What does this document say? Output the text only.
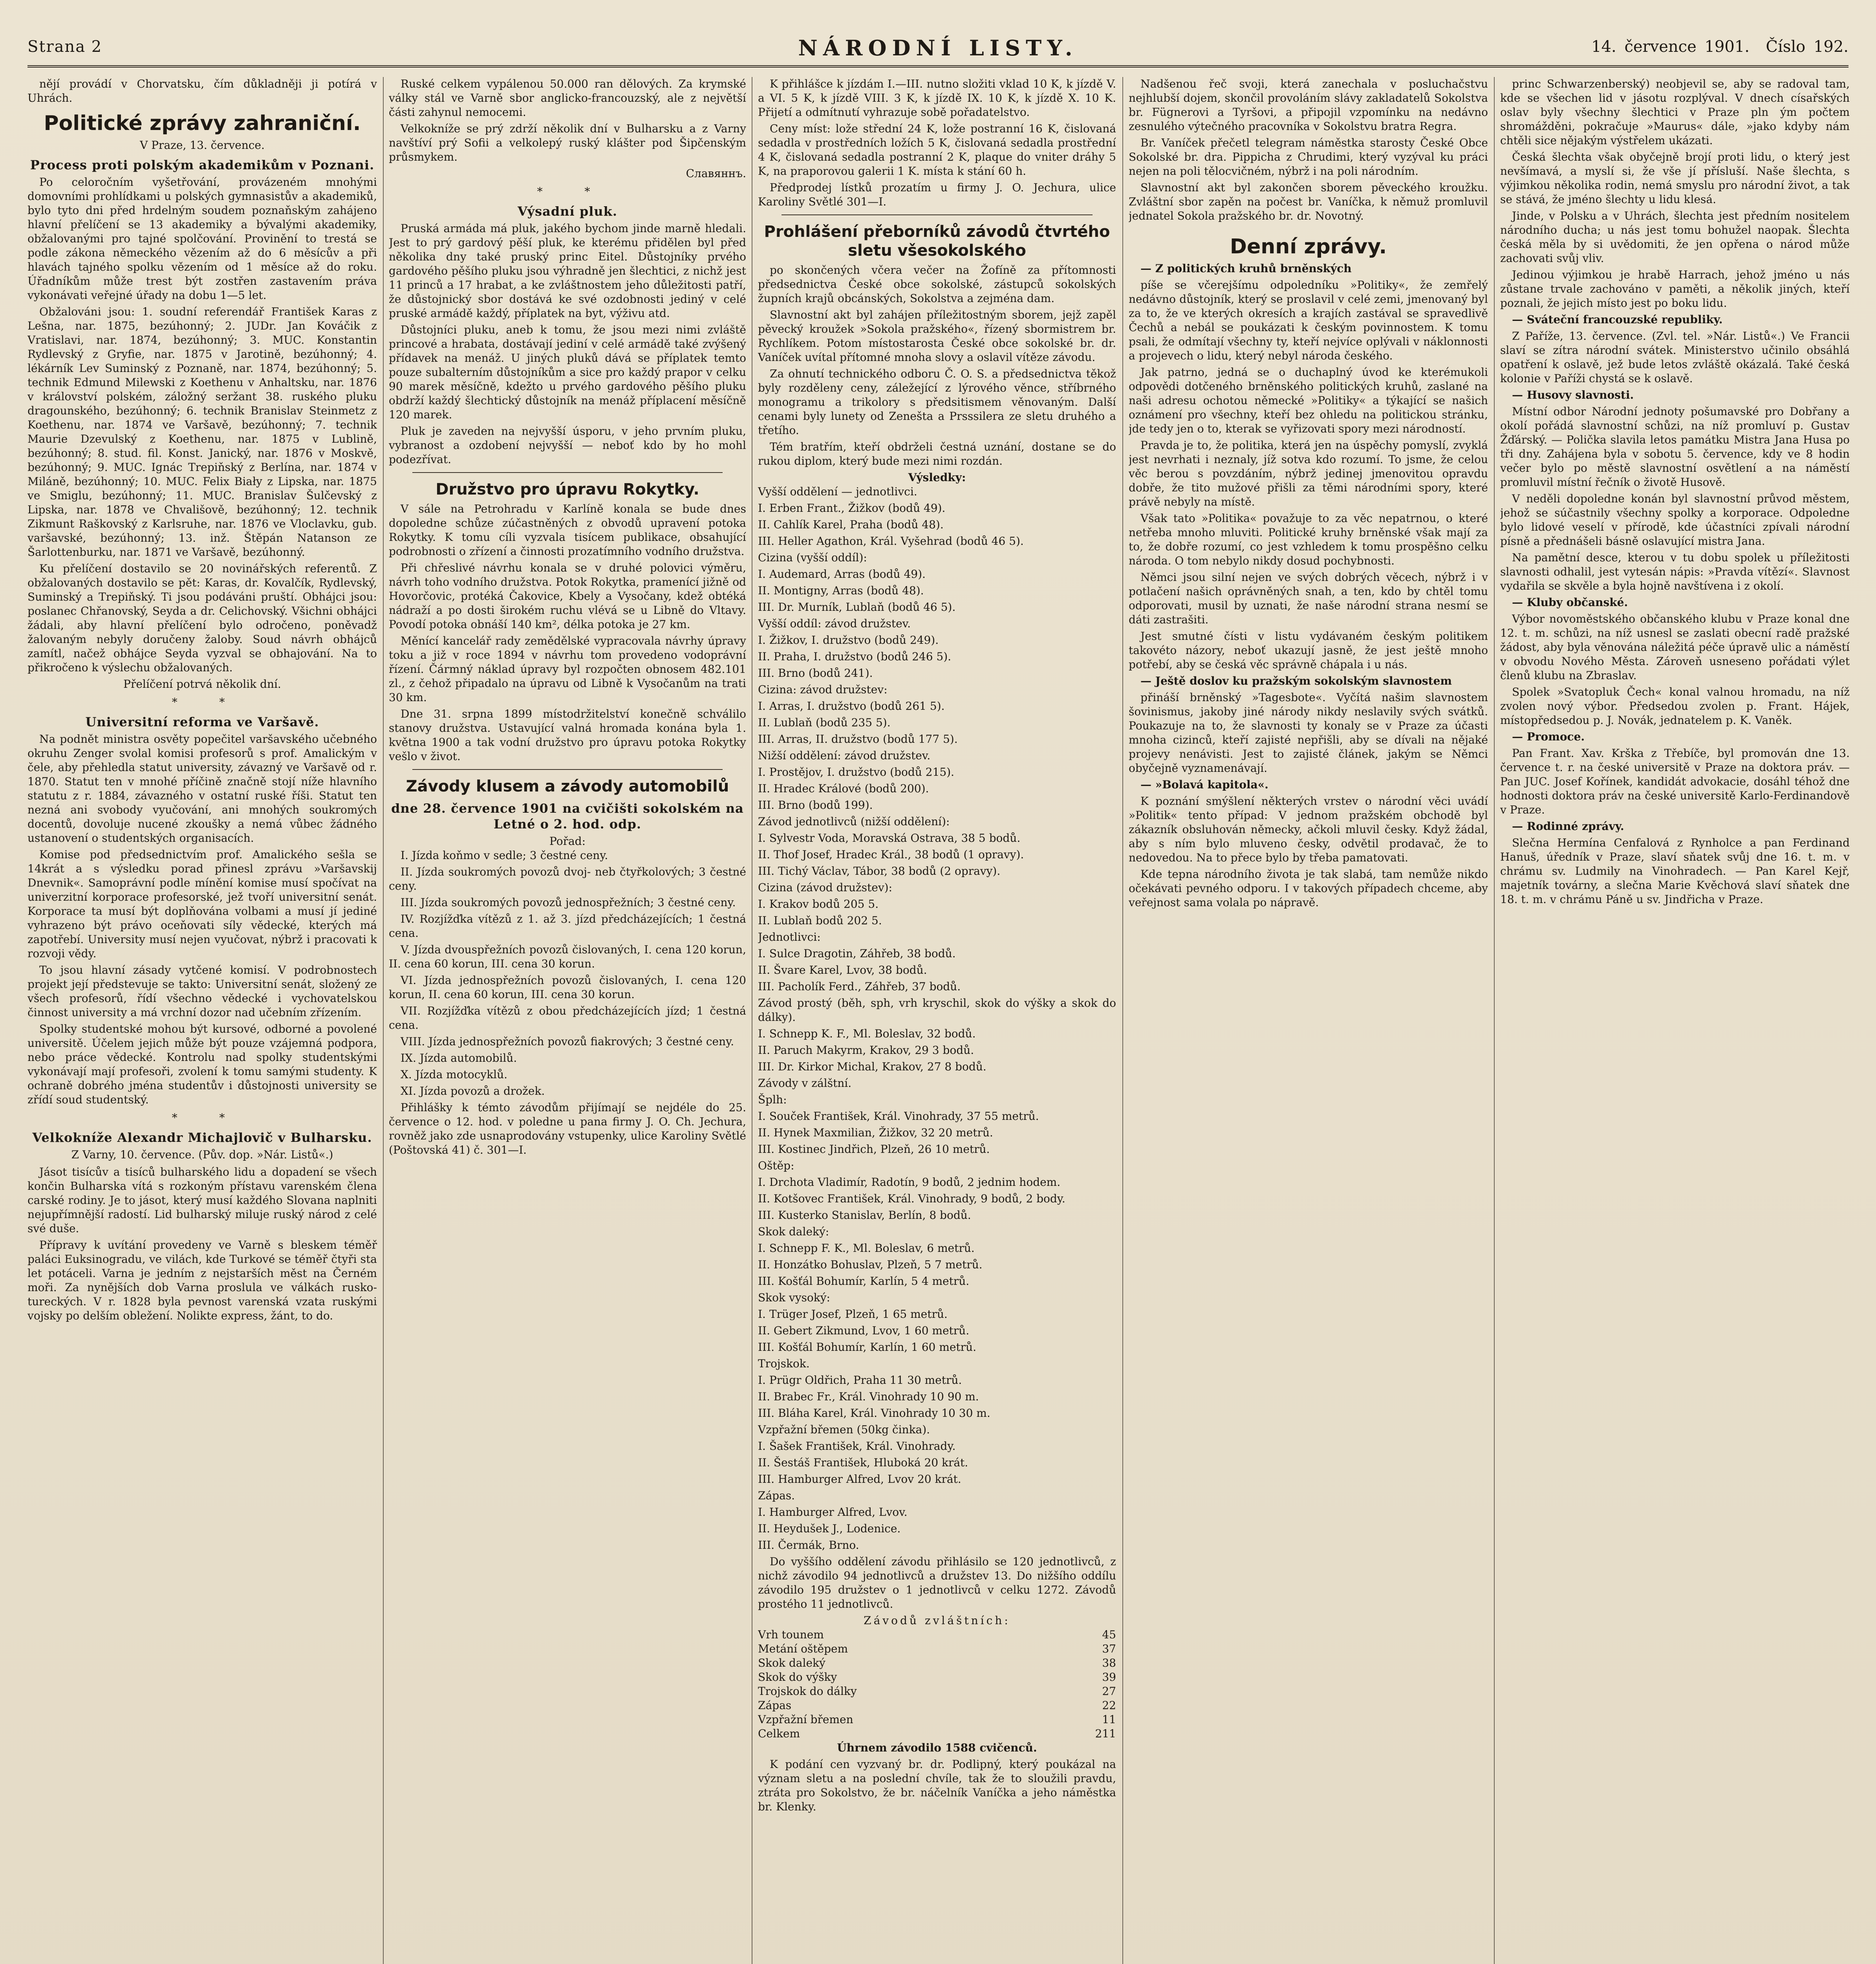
Strana 2	NÁRODNÍ LISTY.	14. července 1901. Číslo 192.

nějí provádí v Chorvatsku, čím důkladněji ji potírá v Uhrách.

Politické zprávy zahraniční.
V Praze, 13. července.
Process proti polským akademikům v Poznani.

Po celoročním vyšetřování, provázeném mnohými domovními prohlídkami u polských gymnasistův a akademiků, bylo tyto dni před hrdelným soudem poznaňským zahájeno hlavní přelíčení se 13 akademiky a bývalými akademiky, obžalovanými pro tajné spolčování. Provinění to trestá se podle zákona německého vězením až do 6 měsícův a při hlavách tajného spolku vězením od 1 měsíce až do roku. Úřadníkům může trest být zostřen zastavením práva vykonávati veřejné úřady na dobu 1—5 let.

Obžalováni jsou: 1. soudní referendář František Karas z Lešna, nar. 1875, bezúhonný; 2. JUDr. Jan Kováčik z Vratislavi, nar. 1874, bezúhonný; 3. MUC. Konstantin Rydlevský z Gryfie, nar. 1875 v Jarotině, bezúhonný; 4. lékárník Lev Suminský z Poznaně, nar. 1874, bezúhonný; 5. technik Edmund Milewski z Koethenu v Anhaltsku, nar. 1876 v království polském, záložný seržant 38. ruského pluku dragounského, bezúhonný; 6. technik Branislav Steinmetz z Koethenu, nar. 1874 ve Varšavě, bezúhonný; 7. technik Maurie Dzevulský z Koethenu, nar. 1875 v Lublině, bezúhonný; 8. stud. fil. Konst. Janický, nar. 1876 v Moskvě, bezúhonný; 9. MUC. Ignác Trepiňský z Berlína, nar. 1874 v Miláně, bezúhonný; 10. MUC. Felix Biały z Lipska, nar. 1875 ve Smiglu, bezúhonný; 11. MUC. Branislav Šulčevský z Lipska, nar. 1878 ve Chvališově, bezúhonný; 12. technik Zikmunt Raškovský z Karlsruhe, nar. 1876 ve Vloclavku, gub. varšavské, bezúhonný; 13. inž. Štěpán Natanson ze Šarlottenburku, nar. 1871 ve Varšavě, bezúhonný.

Ku přelíčení dostavilo se 20 novinářských referentů. Z obžalovaných dostavilo se pět: Karas, dr. Kovalčík, Rydlevský, Suminský a Trepiňský. Ti jsou podáváni pruští. Obhájci jsou: poslanec Chřanovský, Seyda a dr. Celichovský. Všichni obhájci žádali, aby hlavní přelíčení bylo odročeno, poněvadž žalovaným nebyly doručeny žaloby. Soud návrh obhájců zamítl, načež obhájce Seyda vyzval se obhajování. Na to přikročeno k výslechu obžalovaných.

Přelíčení potrvá několik dní.

*   *
Universitní reforma ve Varšavě.

Na podnět ministra osvěty popečitel varšavského učebného okruhu Zenger svolal komisi profesorů s prof. Amalickým v čele, aby přehledla statut university, závazný ve Varšavě od r. 1870. Statut ten v mnohé příčině značně stojí níže hlavního statutu z r. 1884, závazného v ostatní ruské říši. Statut ten nezná ani svobody vyučování, ani mnohých soukromých docentů, dovoluje nucené zkoušky a nemá vůbec žádného ustanovení o studentských organisacích.

Komise pod předsednictvím prof. Amalického sešla se 14krát a s výsledku porad přinesl zprávu »Varšavskij Dnevnik«. Samoprávní podle mínění komise musí spočívat na univerzitní korporace profesorské, jež tvoří universitní senát. Korporace ta musí být doplňována volbami a musí jí jediné vyhrazeno být právo oceňovati síly vědecké, kterých má zapotřebí. University musí nejen vyučovat, nýbrž i pracovati k rozvoji vědy.

To jsou hlavní zásady vytčené komisí. V podrobnostech projekt její předstevuje se takto: Universitní senát, složený ze všech profesorů, řídí všechno vědecké i vychovatelskou činnost university a má vrchní dozor nad učebním zřízením.

Spolky studentské mohou být kursové, odborné a povolené universitě. Účelem jejich může být pouze vzájemná podpora, nebo práce vědecké. Kontrolu nad spolky studentskými vykonávají mají profesoři, zvolení k tomu samými studenty. K ochraně dobrého jména studentův i důstojnosti university se zřídí soud studentský.

*   *
Velkokníže Alexandr Michajlovič v Bulharsku.
Z Varny, 10. července. (Pův. dop. »Nár. Listů«.)

Jásot tisícův a tisíců bulharského lidu a dopadení se všech končin Bulharska vítá s rozkoným přístavu varenském člena carské rodiny. Je to jásot, který musí každého Slovana naplniti nejupřímnější radostí. Lid bulharský miluje ruský národ z celé své duše.

Přípravy k uvítání provedeny ve Varně s bleskem téměř paláci Euksinogradu, ve vilách, kde Turkové se téměř čtyři sta let potáceli. Varna je jedním z nejstarších měst na Černém moři. Za nynějších dob Varna proslula ve válkách rusko-tureckých. V r. 1828 byla pevnost varenská vzata ruskými vojsky po delším obležení. Nolikte express, žánt, to do.

Ruské celkem vypálenou 50.000 ran dělových. Za krymské války stál ve Varně sbor anglicko-francouzský, ale z největší části zahynul nemocemi.

Velkokníže se prý zdrží několik dní v Bulharsku a z Varny navštíví prý Sofii a velkolepý ruský klášter pod Šipčenským průsmykem.

Славяннъ.

*   *
Výsadní pluk.

Pruská armáda má pluk, jakého bychom jinde marně hledali. Jest to prý gardový pěší pluk, ke kterému přidělen byl před několika dny také pruský princ Eitel. Důstojníky prvého gardového pěšího pluku jsou výhradně jen šlechtici, z nichž jest 11 princů a 17 hrabat, a ke zvláštnostem jeho důležitosti patří, že důstojnický sbor dostává ke své ozdobnosti jediný v celé pruské armádě každý, příplatek na byt, výživu atd.

Důstojníci pluku, aneb k tomu, že jsou mezi nimi zvláště princové a hrabata, dostávají jediní v celé armádě také zvýšený přídavek na menáž. U jiných pluků dává se příplatek temto pouze subalterním důstojníkům a sice pro každý prapor v celku 90 marek měsíčně, kdežto u prvého gardového pěšího pluku obdrží každý šlechtický důstojník na menáž příplacení měsíčně 120 marek.

Pluk je zaveden na nejvyšší úsporu, v jeho prvním pluku, vybranost a ozdobení nejvyšší — neboť kdo by ho mohl podezřívat.

Družstvo pro úpravu Rokytky.

V sále na Petrohradu v Karlíně konala se bude dnes dopoledne schůze zúčastněných z obvodů upravení potoka Rokytky. K tomu cíli vyzvala tisícem publikace, obsahující podrobnosti o zřízení a činnosti prozatímního vodního družstva.

Při chřeslivé návrhu konala se v druhé polovici výměru, návrh toho vodního družstva. Potok Rokytka, pramenící jižně od Hovorčovic, protéká Čakovice, Kbely a Vysočany, kdež obtéká nádraží a po dosti širokém ruchu vlévá se u Libně do Vltavy. Povodí potoka obnáší 140 km², délka potoka je 27 km.

Měnící kancelář rady zemědělské vypracovala návrhy úpravy toku a již v roce 1894 v návrhu tom provedeno vodoprávní řízení. Čármný náklad úpravy byl rozpočten obnosem 482.101 zl., z čehož připadalo na úpravu od Libně k Vysočanům na trati 30 km.

Dne 31. srpna 1899 místodržitelství konečně schválilo stanovy družstva. Ustavující valná hromada konána byla 1. května 1900 a tak vodní družstvo pro úpravu potoka Rokytky vešlo v život.

Závody klusem a závody automobilů
dne 28. července 1901 na cvičišti sokolském na Letné o 2. hod. odp.
Pořad:

I. Jízda koňmo v sedle; 3 čestné ceny.

II. Jízda soukromých povozů dvoj- neb čtyřkolových; 3 čestné ceny.

III. Jízda soukromých povozů jednospřežních; 3 čestné ceny.

IV. Rozjížďka vítězů z 1. až 3. jízd předcházejících; 1 čestná cena.

V. Jízda dvouspřežních povozů čislovaných, I. cena 120 korun, II. cena 60 korun, III. cena 30 korun.

VI. Jízda jednospřežních povozů čislovaných, I. cena 120 korun, II. cena 60 korun, III. cena 30 korun.

VII. Rozjížďka vítězů z obou předcházejících jízd; 1 čestná cena.

VIII. Jízda jednospřežních povozů fiakrových; 3 čestné ceny.

IX. Jízda automobilů.

X. Jízda motocyklů.

XI. Jízda povozů a drožek.

Přihlášky k témto závodům přijímají se nejdéle do 25. července o 12. hod. v poledne u pana firmy J. O. Ch. Jechura, rovněž jako zde usnaprodovány vstupenky, ulice Karoliny Světlé (Poštovská 41) č. 301—I.

K přihlášce k jízdám I.—III. nutno složiti vklad 10 K, k jízdě V. a VI. 5 K, k jízdě VIII. 3 K, k jízdě IX. 10 K, k jízdě X. 10 K. Přijetí a odmítnutí vyhrazuje sobě pořadatelstvo.

Ceny míst: lože střední 24 K, lože postranní 16 K, čislovaná sedadla v prostředních ložích 5 K, čislovaná sedadla prostřední 4 K, čislovaná sedadla postranní 2 K, plaque do vniter dráhy 5 K, na praporovou galerii 1 K. místa k stání 60 h.

Předprodej lístků prozatím u firmy J. O. Jechura, ulice Karoliny Světlé 301—I.

Prohlášení přeborníků závodů čtvrtého sletu všesokolského

po skončených včera večer na Žofíně za přítomnosti předsednictva České obce sokolské, zástupců sokolských župních krajů obcánských, Sokolstva a zejména dam.

Slavnostní akt byl zahájen příležitostným sborem, jejž zapěl pěvecký kroužek »Sokola pražského«, řízený sbormistrem br. Rychlíkem. Potom místostarosta České obce sokolské br. dr. Vaníček uvítal přítomné mnoha slovy a oslavil vítěze závodu.

Za ohnutí technického odboru Č. O. S. a předsednictva těkož byly rozděleny ceny, záležející z lýrového věnce, stříbrného monogramu a trikolory s předsitismem věnovaným. Další cenami byly lunety od Zenešta a Prsssilera ze sletu druhého a třetího.

Tém bratřím, kteří obdrželi čestná uznání, dostane se do rukou diplom, který bude mezi nimi rozdán.

Výsledky:

Vyšší oddělení — jednotlivci.

I. Erben Frant., Žižkov (bodů 49).

II. Cahlík Karel, Praha (bodů 48).

III. Heller Agathon, Král. Vyšehrad (bodů 46 5).

Cizina (vyšší oddíl):

I. Audemard, Arras (bodů 49).

II. Montigny, Arras (bodů 48).

III. Dr. Murník, Lublaň (bodů 46 5).

Vyšší oddíl: závod družstev.

I. Žižkov, I. družstvo (bodů 249).

II. Praha, I. družstvo (bodů 246 5).

III. Brno (bodů 241).

Cizina: závod družstev:

I. Arras, I. družstvo (bodů 261 5).

II. Lublaň (bodů 235 5).

III. Arras, II. družstvo (bodů 177 5).

Nižší oddělení: závod družstev.

I. Prostějov, I. družstvo (bodů 215).

II. Hradec Králové (bodů 200).

III. Brno (bodů 199).

Závod jednotlivců (nižší oddělení):

I. Sylvestr Voda, Moravská Ostrava, 38 5 bodů.

II. Thof Josef, Hradec Král., 38 bodů (1 opravy).

III. Tichý Václav, Tábor, 38 bodů (2 opravy).

Cizina (závod družstev):

I. Krakov bodů 205 5.

II. Lublaň bodů 202 5.

Jednotlivci:

I. Sulce Dragotin, Záhřeb, 38 bodů.

II. Švare Karel, Lvov, 38 bodů.

III. Pacholík Ferd., Záhřeb, 37 bodů.

Závod prostý (běh, sph, vrh kryschil, skok do výšky a skok do dálky).

I. Schnepp K. F., Ml. Boleslav, 32 bodů.

II. Paruch Makyrm, Krakov, 29 3 bodů.

III. Dr. Kirkor Michal, Krakov, 27 8 bodů.

Závody v zálštní.

Šplh:

I. Souček František, Král. Vinohrady, 37 55 metrů.

II. Hynek Maxmilian, Žižkov, 32 20 metrů.

III. Kostinec Jindřich, Plzeň, 26 10 metrů.

Oštěp:

I. Drchota Vladimír, Radotín, 9 bodů, 2 jednim hodem.

II. Kotšovec František, Král. Vinohrady, 9 bodů, 2 body.

III. Kusterko Stanislav, Berlín, 8 bodů.

Skok daleký:

I. Schnepp F. K., Ml. Boleslav, 6 metrů.

II. Honzátko Bohuslav, Plzeň, 5 7 metrů.

III. Košťál Bohumír, Karlín, 5 4 metrů.

Skok vysoký:

I. Trüger Josef, Plzeň, 1 65 metrů.

II. Gebert Zikmund, Lvov, 1 60 metrů.

III. Košťál Bohumír, Karlín, 1 60 metrů.

Trojskok.

I. Prügr Oldřich, Praha 11 30 metrů.

II. Brabec Fr., Král. Vinohrady 10 90 m.

III. Bláha Karel, Král. Vinohrady 10 30 m.

Vzpřažní břemen (50kg činka).

I. Šašek František, Král. Vinohrady.

II. Šestáš František, Hluboká 20 krát.

III. Hamburger Alfred, Lvov 20 krát.

Zápas.

I. Hamburger Alfred, Lvov.

II. Heydušek J., Lodenice.

III. Čermák, Brno.

Do vyššího oddělení závodu přihlásilo se 120 jednotlivců, z nichž závodilo 94 jednotlivců a družstev 13. Do nižšího oddílu závodilo 195 družstev o 1 jednotlivců v celku 1272. Závodů prostého 11 jednotlivců.

Závodů zvláštních:
Vrh tounem	45
Metání oštěpem	37
Skok daleký	38
Skok do výšky	39
Trojskok do dálky	27
Zápas	22
Vzpřažní břemen	11
Celkem	211

Úhrnem závodilo 1588 cvičenců.

K podání cen vyzvaný br. dr. Podlipný, který poukázal na význam sletu a na poslední chvíle, tak že to sloužili pravdu, ztráta pro Sokolstvo, že br. náčelník Vaníčka a jeho náměstka br. Klenky.

Nadšenou řeč svoji, která zanechala v posluchačstvu nejhlubší dojem, skončil provoláním slávy zakladatelů Sokolstva br. Fügnerovi a Tyršovi, a připojil vzpomínku na nedávno zesnulého výtečného pracovníka v Sokolstvu bratra Regra.

Br. Vaníček přečetl telegram náměstka starosty České Obce Sokolské br. dra. Pippicha z Chrudimi, který vyzýval ku práci nejen na poli tělocvičném, nýbrž i na poli národním.

Slavnostní akt byl zakončen sborem pěveckého kroužku. Zvláštní sbor zapěn na počest br. Vaníčka, k němuž promluvil jednatel Sokola pražského br. dr. Novotný.

Denní zprávy.

— Z politických kruhů brněnských

píše se včerejšímu odpoledníku »Politiky«, že zemřelý nedávno důstojník, který se proslavil v celé zemi, jmenovaný byl za to, že ve kterých okresích a krajích zastával se spravedlivě Čechů a nebál se poukázati k českým povinnostem. K tomu psali, že odmítají všechny ty, kteří nejvíce oplývali v náklonnosti a projevech o lidu, který nebyl národa českého.

Jak patrno, jedná se o duchaplný úvod ke kterémukoli odpovědi dotčeného brněnského politických kruhů, zaslané na naši adresu ochotou německé »Politiky« a týkající se našich oznámení pro všechny, kteří bez ohledu na politickou stránku, jde tedy jen o to, kterak se vyřizovati spory mezi národností.

Pravda je to, že politika, která jen na úspěchy pomyslí, zvyklá jest nevrhati i neznaly, jíž sotva kdo rozumí. To jsme, že celou věc berou s povzdáním, nýbrž jedinej jmenovitou opravdu dobře, že tito mužové přišli za těmi národními spory, které právě nebyly na místě.

Však tato »Politika« považuje to za věc nepatrnou, o které netřeba mnoho mluviti. Politické kruhy brněnské však mají za to, že dobře rozumí, co jest vzhledem k tomu prospěšno celku národa. O tom nebylo nikdy dosud pochybnosti.

Němci jsou silní nejen ve svých dobrých věcech, nýbrž i v potlačení našich oprávněných snah, a ten, kdo by chtěl tomu odporovati, musil by uznati, že naše národní strana nesmí se dáti zastrašiti.

Jest smutné čísti v listu vydávaném českým politikem takovéto názory, neboť ukazují jasně, že jest ještě mnoho potřebí, aby se česká věc správně chápala i u nás.

— Ještě doslov ku pražským sokolským slavnostem

přináší brněnský »Tagesbote«. Vyčítá našim slavnostem šovinismus, jakoby jiné národy nikdy neslavily svých svátků. Poukazuje na to, že slavnosti ty konaly se v Praze za účasti mnoha cizinců, kteří zajisté nepřišli, aby se dívali na nějaké projevy nenávisti. Jest to zajisté článek, jakým se Němci obyčejně vyznamenávají.

— »Bolavá kapitola«.

K poznání smýšlení některých vrstev o národní věci uvádí »Politik« tento případ: V jednom pražském obchodě byl zákazník obsluhován německy, ačkoli mluvil česky. Když žádal, aby s ním bylo mluveno česky, odvětil prodavač, že to nedovedou. Na to přece bylo by třeba pamatovati.

Kde tepna národního života je tak slabá, tam nemůže nikdo očekávati pevného odporu. I v takových případech chceme, aby veřejnost sama volala po nápravě.

princ Schwarzenberský) neobjevil se, aby se radoval tam, kde se všechen lid v jásotu rozplýval. V dnech císařských oslav byly všechny šlechtici v Praze pln ým počtem shromážděni, pokračuje »Maurus« dále, »jako kdyby nám chtěli sice nějakým výstřelem ukázati.

Česká šlechta však obyčejně brojí proti lidu, o který jest nevšímavá, a myslí si, že vše jí přísluší. Naše šlechta, s výjimkou několika rodin, nemá smyslu pro národní život, a tak se stává, že jméno šlechty u lidu klesá.

Jinde, v Polsku a v Uhrách, šlechta jest předním nositelem národního ducha; u nás jest tomu bohužel naopak. Šlechta česká měla by si uvědomiti, že jen opřena o národ může zachovati svůj vliv.

Jedinou výjimkou je hrabě Harrach, jehož jméno u nás zůstane trvale zachováno v paměti, a několik jiných, kteří poznali, že jejich místo jest po boku lidu.

— Sváteční francouzské republiky.

Z Paříže, 13. července. (Zvl. tel. »Nár. Listů«.) Ve Francii slaví se zítra národní svátek. Ministerstvo učinilo obsáhlá opatření k oslavě, jež bude letos zvláště okázalá. Také česká kolonie v Paříži chystá se k oslavě.

— Husovy slavnosti.

Místní odbor Národní jednoty pošumavské pro Dobřany a okolí pořádá slavnostní schůzi, na níž promluví p. Gustav Žďárský. — Polička slavila letos památku Mistra Jana Husa po tři dny. Zahájena byla v sobotu 5. července, kdy ve 8 hodin večer bylo po městě slavnostní osvětlení a na náměstí promluvil místní řečník o životě Husově.

V neděli dopoledne konán byl slavnostní průvod městem, jehož se súčastnily všechny spolky a korporace. Odpoledne bylo lidové veselí v přírodě, kde účastníci zpívali národní písně a přednášeli básně oslavující mistra Jana.

Na pamětní desce, kterou v tu dobu spolek u příležitosti slavnosti odhalil, jest vytesán nápis: »Pravda vítězí«. Slavnost vydařila se skvěle a byla hojně navštívena i z okolí.

— Kluby občanské.

Výbor novoměstského občanského klubu v Praze konal dne 12. t. m. schůzi, na níž usnesl se zaslati obecní radě pražské žádost, aby byla věnována náležitá péče úpravě ulic a náměstí v obvodu Nového Města. Zároveň usneseno pořádati výlet členů klubu na Zbraslav.

Spolek »Svatopluk Čech« konal valnou hromadu, na níž zvolen nový výbor. Předsedou zvolen p. Frant. Hájek, místopředsedou p. J. Novák, jednatelem p. K. Vaněk.

— Promoce.

Pan Frant. Xav. Krška z Třebíče, byl promován dne 13. července t. r. na české universitě v Praze na doktora práv. — Pan JUC. Josef Kořínek, kandidát advokacie, dosáhl téhož dne hodnosti doktora práv na české universitě Karlo-Ferdinandově v Praze.

— Rodinné zprávy.

Slečna Hermína Cenfalová z Rynholce a pan Ferdinand Hanuš, úředník v Praze, slaví sňatek svůj dne 16. t. m. v chrámu sv. Ludmily na Vinohradech. — Pan Karel Kejř, majetník továrny, a slečna Marie Kvěchová slaví sňatek dne 18. t. m. v chrámu Páně u sv. Jindřicha v Praze.
